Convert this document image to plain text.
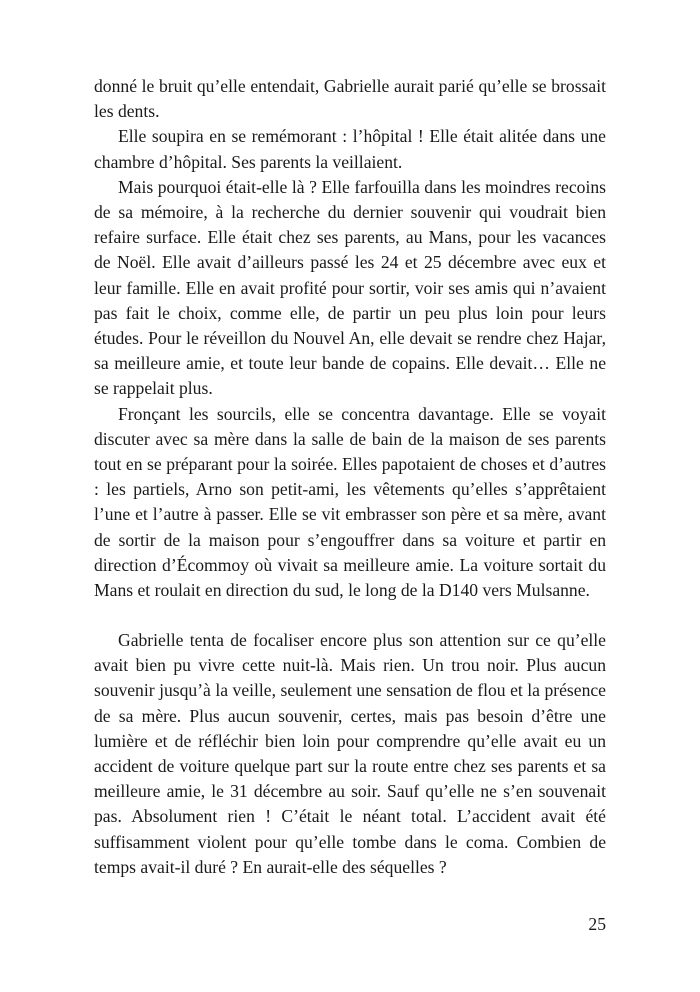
donné le bruit qu’elle entendait, Gabrielle aurait parié qu’elle se brossait les dents.

Elle soupira en se remémorant : l’hôpital ! Elle était alitée dans une chambre d’hôpital. Ses parents la veillaient.

Mais pourquoi était-elle là ? Elle farfouilla dans les moindres recoins de sa mémoire, à la recherche du dernier souvenir qui voudrait bien refaire surface. Elle était chez ses parents, au Mans, pour les vacances de Noël. Elle avait d’ailleurs passé les 24 et 25 décembre avec eux et leur famille. Elle en avait profité pour sortir, voir ses amis qui n’avaient pas fait le choix, comme elle, de partir un peu plus loin pour leurs études. Pour le réveillon du Nouvel An, elle devait se rendre chez Hajar, sa meilleure amie, et toute leur bande de copains. Elle devait… Elle ne se rappelait plus.

Fronçant les sourcils, elle se concentra davantage. Elle se voyait discuter avec sa mère dans la salle de bain de la maison de ses parents tout en se préparant pour la soirée. Elles papotaient de choses et d’autres : les partiels, Arno son petit-ami, les vêtements qu’elles s’apprêtaient l’une et l’autre à passer. Elle se vit embrasser son père et sa mère, avant de sortir de la maison pour s’engouffrer dans sa voiture et partir en direction d’Écommoy où vivait sa meilleure amie. La voiture sortait du Mans et roulait en direction du sud, le long de la D140 vers Mulsanne.

Gabrielle tenta de focaliser encore plus son attention sur ce qu’elle avait bien pu vivre cette nuit-là. Mais rien. Un trou noir. Plus aucun souvenir jusqu’à la veille, seulement une sensation de flou et la présence de sa mère. Plus aucun souvenir, certes, mais pas besoin d’être une lumière et de réfléchir bien loin pour comprendre qu’elle avait eu un accident de voiture quelque part sur la route entre chez ses parents et sa meilleure amie, le 31 décembre au soir. Sauf qu’elle ne s’en souvenait pas. Absolument rien ! C’était le néant total. L’accident avait été suffisamment violent pour qu’elle tombe dans le coma. Combien de temps avait-il duré ? En aurait-elle des séquelles ?

25
